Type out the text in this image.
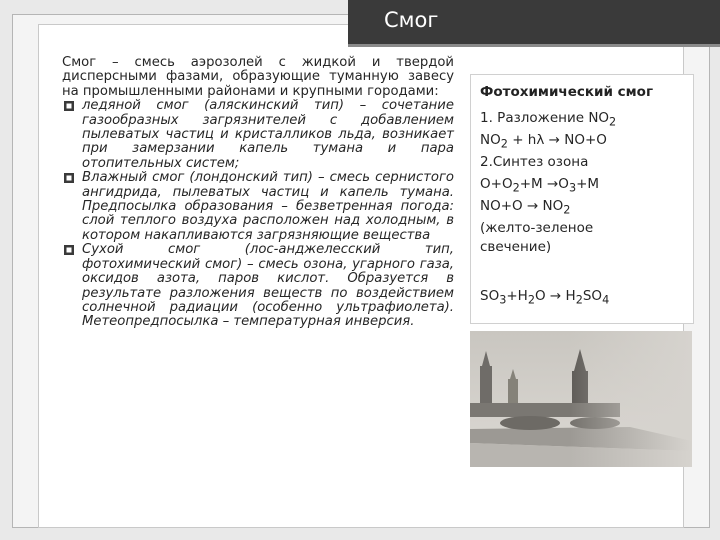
Смог

Смог – смесь аэрозолей с жидкой и твердой дисперсными фазами, образующие туманную завесу на промышленными районами и крупными городами:

ледяной смог (аляскинский тип) – сочетание газообразных загрязнителей с добавлением пылеватых частиц и кристалликов льда, возникает при замерзании капель тумана и пара отопительных систем;

Влажный смог (лондонский тип) – смесь сернистого ангидрида, пылеватых частиц и капель тумана. Предпосылка образования – безветренная погода: слой теплого воздуха расположен над холодным, в котором накапливаются загрязняющие вещества

Сухой смог (лос-анджелесский тип, фотохимический смог) – смесь озона, угарного газа, оксидов азота, паров кислот. Образуется в результате разложения веществ по воздействием солнечной радиации (особенно ультрафиолета). Метеопредпосылка – температурная инверсия.

Фотохимический смог
1. Разложение $NO_2$
$NO_2 + h\lambda \to NO+O$
2.Синтез озона
$O+O_2+M \to O_3+M$
$NO+O \to NO_2$
(желто-зеленое
свечение)
$SO_3+H_2O \to H_2SO_4$
